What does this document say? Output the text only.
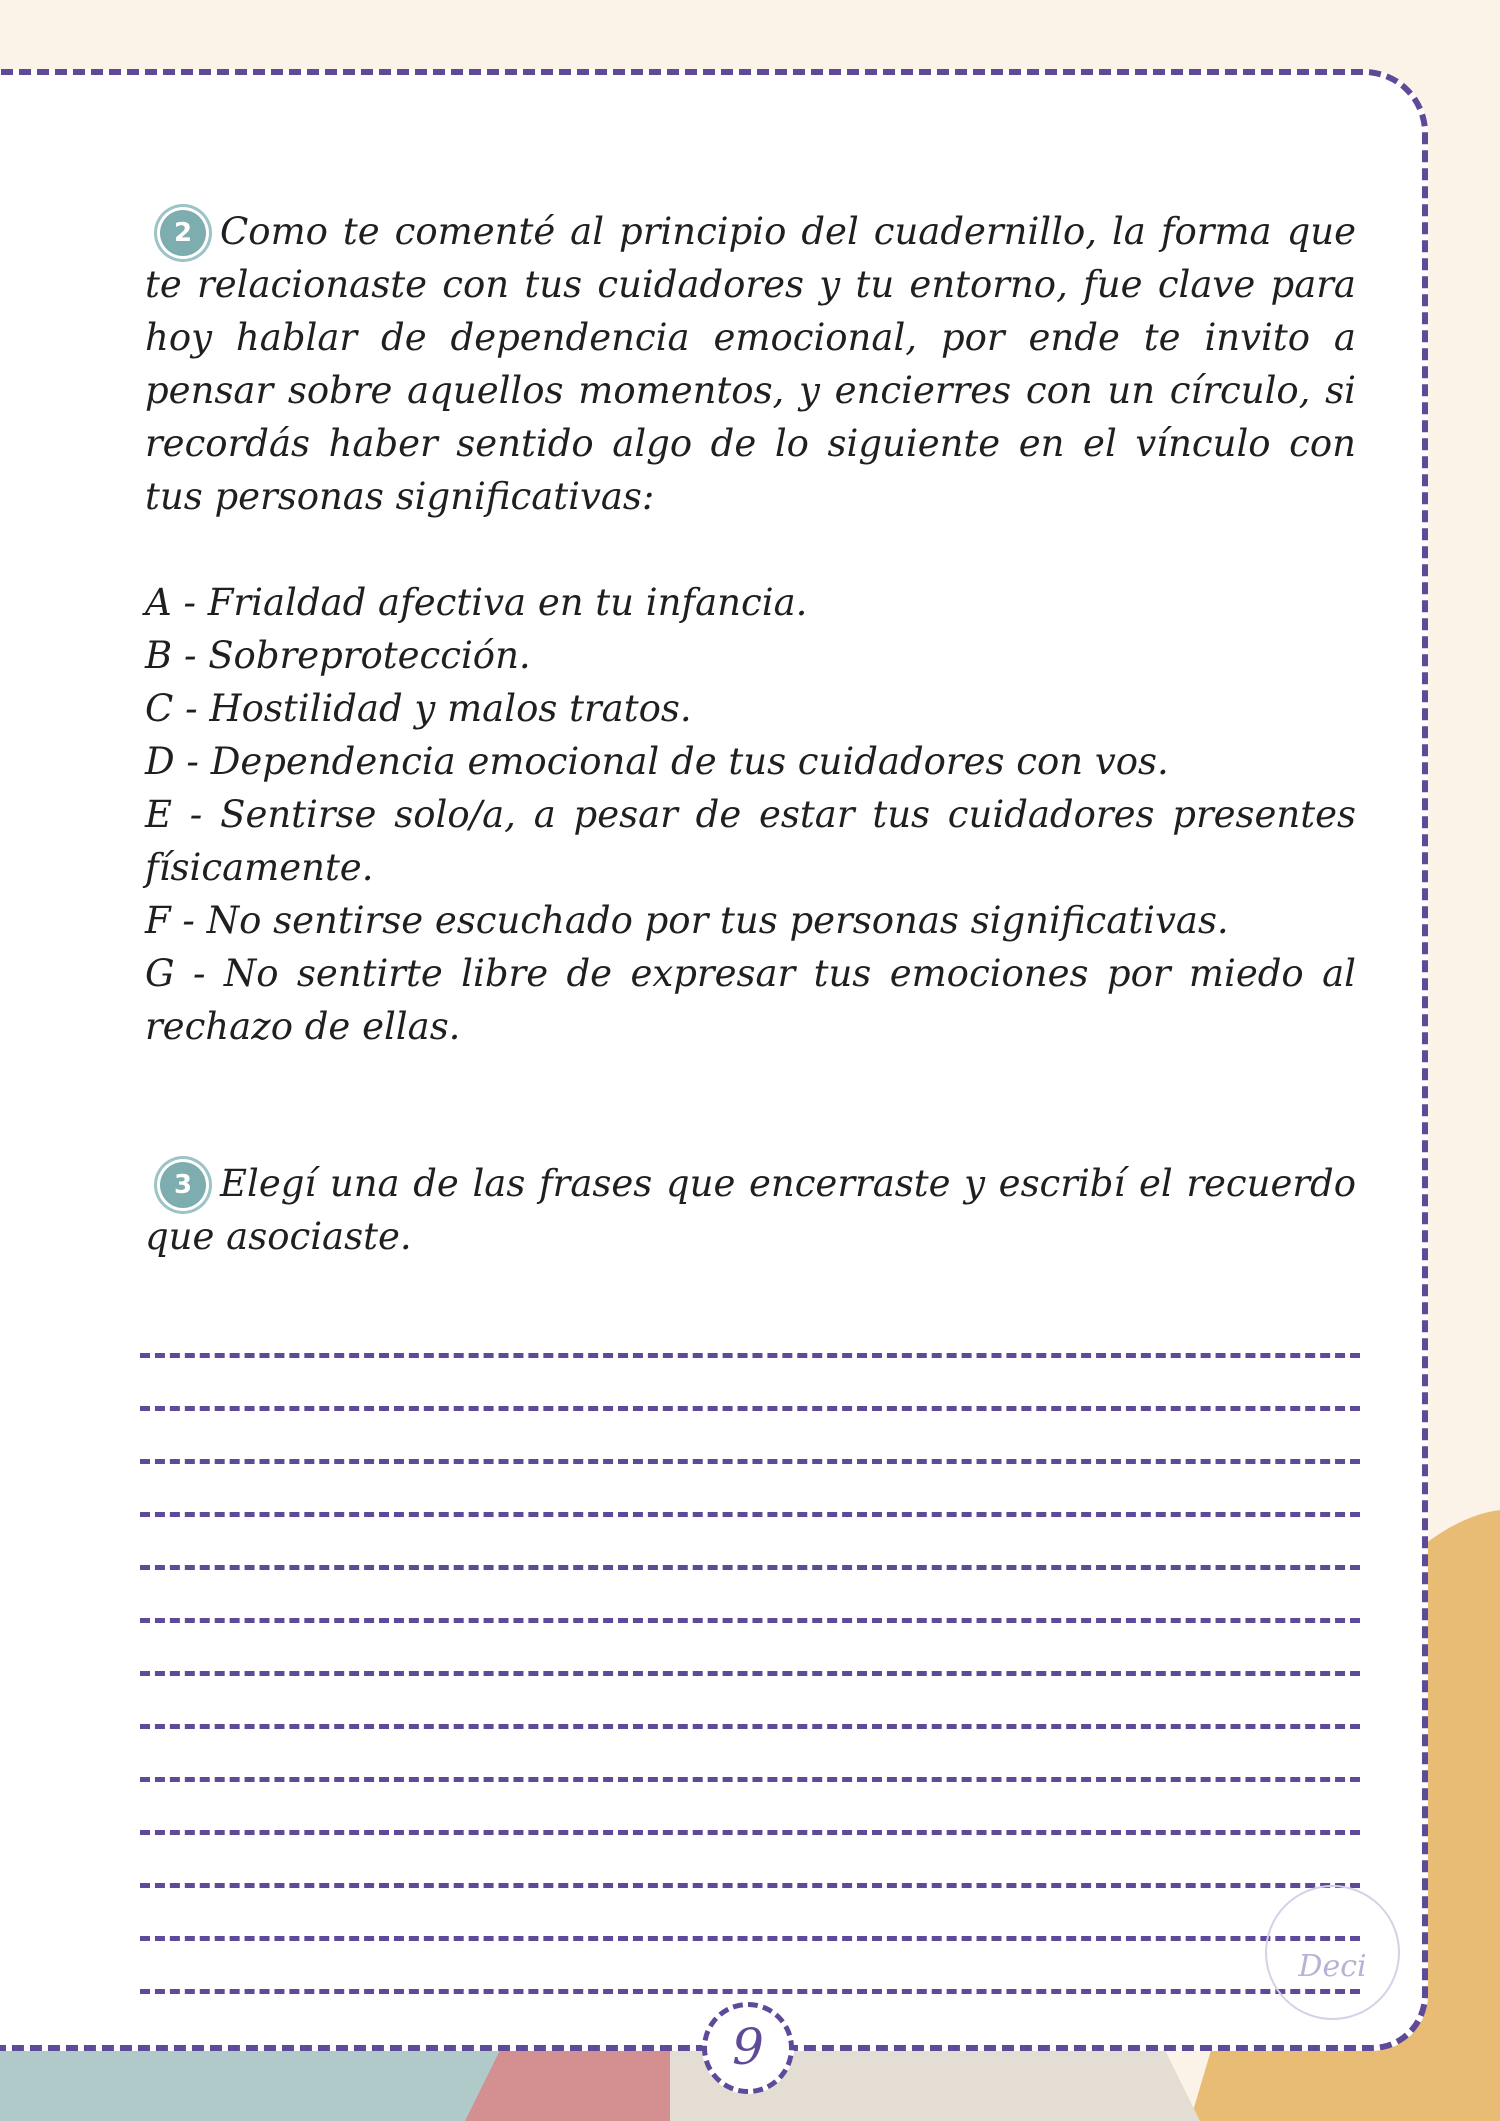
2 Como te comenté al principio del cuadernillo, la forma que te relacionaste con tus cuidadores y tu entorno, fue clave para hoy hablar de dependencia emocional, por ende te invito a pensar sobre aquellos momentos, y encierres con un círculo, si recordás haber sentido algo de lo siguiente en el vínculo con tus personas significativas:

A - Frialdad afectiva en tu infancia.
B - Sobreprotección.
C - Hostilidad y malos tratos.
D - Dependencia emocional de tus cuidadores con vos.
E - Sentirse solo/a, a pesar de estar tus cuidadores presentes físicamente.
F - No sentirse escuchado por tus personas significativas.
G - No sentirte libre de expresar tus emociones por miedo al rechazo de ellas.

3 Elegí una de las frases que encerraste y escribí el recuerdo que asociaste.

9
Deci
